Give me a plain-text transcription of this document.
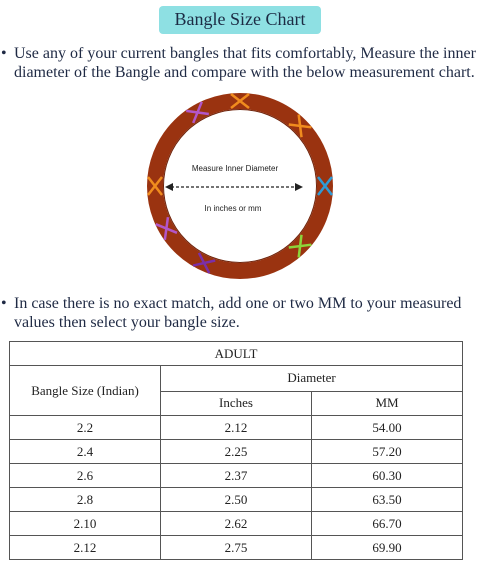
Bangle Size Chart
• Use any of your current bangles that fits comfortably, Measure the inner diameter of the Bangle and compare with the below measurement chart.
Measure Inner Diameter
In inches or mm
• In case there is no exact match, add one or two MM to your measured values then select your bangle size.
ADULT		
Bangle Size (Indian)	Diameter	
	Inches	MM
2.2	2.12	54.00
2.4	2.25	57.20
2.6	2.37	60.30
2.8	2.50	63.50
2.10	2.62	66.70
2.12	2.75	69.90
